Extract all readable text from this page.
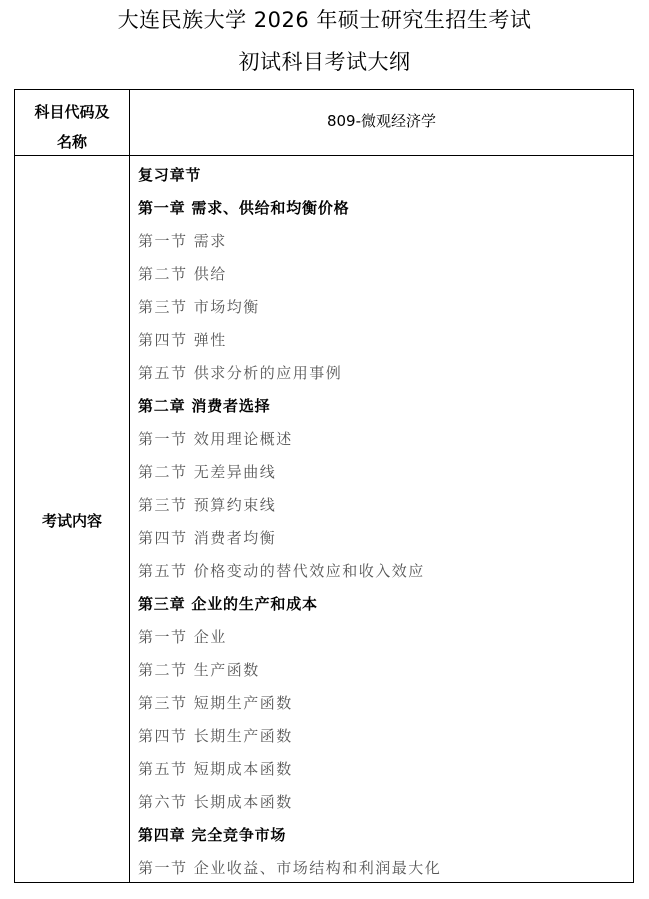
大连民族大学 2026 年硕士研究生招生考试
初试科目考试大纲
科目代码及
名称
809-微观经济学
考试内容
复习章节
第一章 需求、供给和均衡价格
第一节 需求
第二节 供给
第三节 市场均衡
第四节 弹性
第五节 供求分析的应用事例
第二章 消费者选择
第一节 效用理论概述
第二节 无差异曲线
第三节 预算约束线
第四节 消费者均衡
第五节 价格变动的替代效应和收入效应
第三章 企业的生产和成本
第一节 企业
第二节 生产函数
第三节 短期生产函数
第四节 长期生产函数
第五节 短期成本函数
第六节 长期成本函数
第四章 完全竞争市场
第一节 企业收益、市场结构和利润最大化
